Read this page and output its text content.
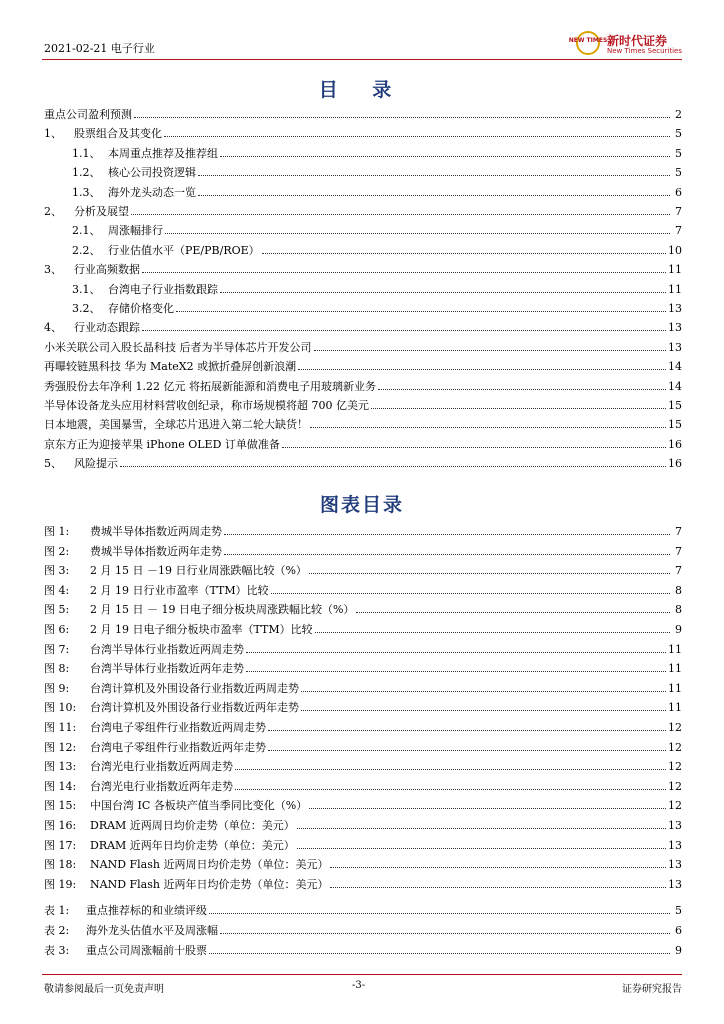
2021-02-21 电子行业
NEW TIMES 新时代证券
New Times Securities
目 录
重点公司盈利预测	2
1、	股票组合及其变化	5
1.1、 本周重点推荐及推荐组	5
1.2、 核心公司投资逻辑	5
1.3、 海外龙头动态一览	6
2、	分析及展望	7
2.1、 周涨幅排行	7
2.2、 行业估值水平（PE/PB/ROE）	10
3、	行业高频数据	11
3.1、 台湾电子行业指数跟踪	11
3.2、 存储价格变化	13
4、	行业动态跟踪	13
小米关联公司入股长晶科技 后者为半导体芯片开发公司	13
再曝较链黑科技 华为 MateX2 或掀折叠屏创新浪潮	14
秀强股份去年净利 1.22 亿元 将拓展新能源和消费电子用玻璃新业务	14
半导体设备龙头应用材料营收创纪录，称市场规模将超 700 亿美元	15
日本地震，美国暴雪，全球芯片迅进入第二轮大缺货！	15
京东方正为迎接苹果 iPhone OLED 订单做准备	16
5、	风险提示	16
图表目录
图 1:	费城半导体指数近两周走势	7
图 2:	费城半导体指数近两年走势	7
图 3:	2 月 15 日 －19 日行业周涨跌幅比较（%）	7
图 4:	2 月 19 日行业市盈率（TTM）比较	8
图 5:	2 月 15 日 － 19 日电子细分板块周涨跌幅比较（%）	8
图 6:	2 月 19 日电子细分板块市盈率（TTM）比较	9
图 7:	台湾半导体行业指数近两周走势	11
图 8:	台湾半导体行业指数近两年走势	11
图 9:	台湾计算机及外围设备行业指数近两周走势	11
图 10:	台湾计算机及外围设备行业指数近两年走势	11
图 11:	台湾电子零组件行业指数近两周走势	12
图 12:	台湾电子零组件行业指数近两年走势	12
图 13:	台湾光电行业指数近两周走势	12
图 14:	台湾光电行业指数近两年走势	12
图 15:	中国台湾 IC 各板块产值当季同比变化（%）	12
图 16:	DRAM 近两周日均价走势（单位：美元）	13
图 17:	DRAM 近两年日均价走势（单位：美元）	13
图 18:	NAND Flash 近两周日均价走势（单位：美元）	13
图 19:	NAND Flash 近两年日均价走势（单位：美元）	13
表 1:	重点推荐标的和业绩评级	5
表 2:	海外龙头估值水平及周涨幅	6
表 3:	重点公司周涨幅前十股票	9
敬请参阅最后一页免责声明	-3-	证券研究报告
